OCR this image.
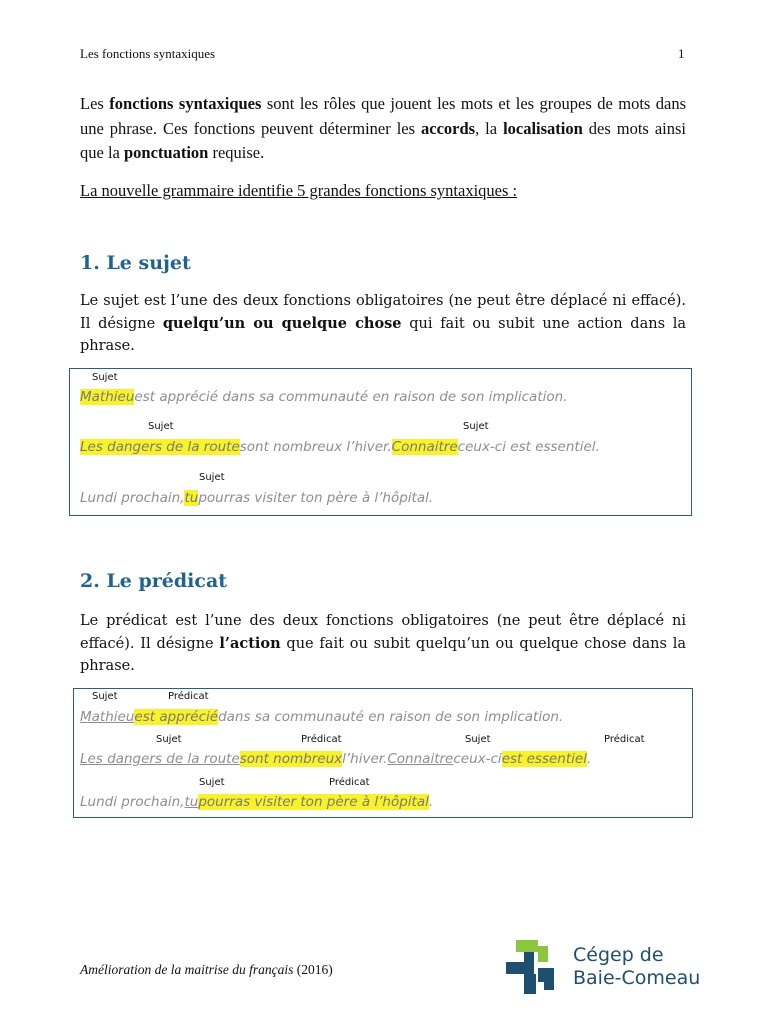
Les fonctions syntaxiques	1
Les fonctions syntaxiques sont les rôles que jouent les mots et les groupes de mots dans une phrase. Ces fonctions peuvent déterminer les accords, la localisation des mots ainsi que la ponctuation requise.
La nouvelle grammaire identifie 5 grandes fonctions syntaxiques :
1. Le sujet
Le sujet est l’une des deux fonctions obligatoires (ne peut être déplacé ni effacé). Il désigne quelqu’un ou quelque chose qui fait ou subit une action dans la phrase.
Sujet
Mathieuest apprécié dans sa communauté en raison de son implication.
Sujet	Sujet
Les dangers de la routesont nombreux l’hiver.Connaitreceux-ci est essentiel.
Sujet
Lundi prochain,tupourras visiter ton père à l’hôpital.
2. Le prédicat
Le prédicat est l’une des deux fonctions obligatoires (ne peut être déplacé ni effacé). Il désigne l’action que fait ou subit quelqu’un ou quelque chose dans la phrase.
Sujet	Prédicat
Mathieuest appréciédans sa communauté en raison de son implication.
Sujet	Prédicat	Sujet	Prédicat
Les dangers de la routesont nombreuxl’hiver.Connaitreceux-ciest essentiel.
Sujet	Prédicat
Lundi prochain,tupourras visiter ton père à l’hôpital.
Amélioration de la maitrise du français (2016)
Cégep de
Baie-Comeau
